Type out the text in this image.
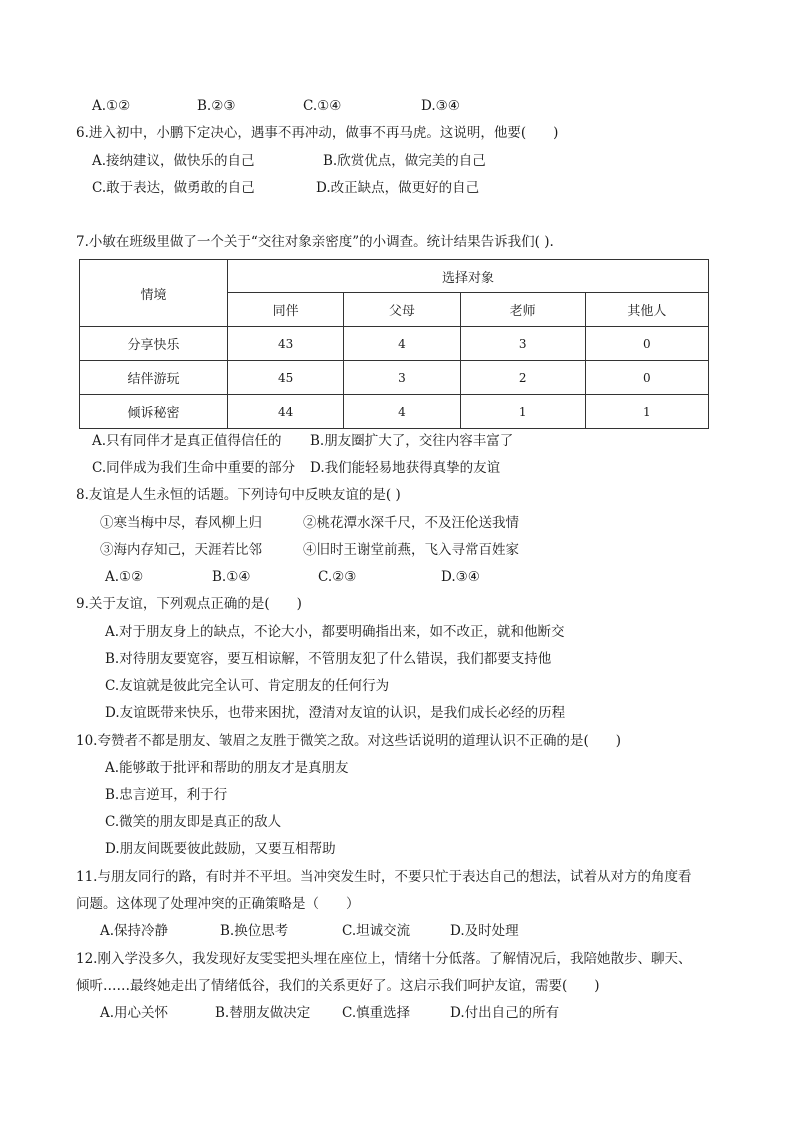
A.①②	B.②③	C.①④	D.③④
6.进入初中，小鹏下定决心，遇事不再冲动，做事不再马虎。这说明，他要(　　)
A.接纳建议，做快乐的自己	B.欣赏优点，做完美的自己
C.敢于表达，做勇敢的自己	D.改正缺点，做更好的自己
7.小敏在班级里做了一个关于“交往对象亲密度”的小调查。统计结果告诉我们( ).
情境	选择对象			
	同伴	父母	老师	其他人
分享快乐	43	4	3	0
结伴游玩	45	3	2	0
倾诉秘密	44	4	1	1
A.只有同伴才是真正值得信任的 B.朋友圈扩大了，交往内容丰富了
C.同伴成为我们生命中重要的部分 D.我们能轻易地获得真挚的友谊
8.友谊是人生永恒的话题。下列诗句中反映友谊的是( )
①寒当梅中尽，春风柳上归	②桃花潭水深千尺，不及汪伦送我情
③海内存知己，天涯若比邻	④旧时王谢堂前燕，飞入寻常百姓家
A.①②	B.①④	C.②③	D.③④
9.关于友谊，下列观点正确的是(　　)
A.对于朋友身上的缺点，不论大小，都要明确指出来，如不改正，就和他断交
B.对待朋友要宽容，要互相谅解，不管朋友犯了什么错误，我们都要支持他
C.友谊就是彼此完全认可、肯定朋友的任何行为
D.友谊既带来快乐，也带来困扰，澄清对友谊的认识，是我们成长必经的历程
10.夸赞者不都是朋友、皱眉之友胜于微笑之敌。对这些话说明的道理认识不正确的是(　　)
A.能够敢于批评和帮助的朋友才是真朋友
B.忠言逆耳，利于行
C.微笑的朋友即是真正的敌人
D.朋友间既要彼此鼓励，又要互相帮助
11.与朋友同行的路，有时并不平坦。当冲突发生时，不要只忙于表达自己的想法，试着从对方的角度看
问题。这体现了处理冲突的正确策略是（　　）
A.保持冷静	B.换位思考	C.坦诚交流	D.及时处理
12.刚入学没多久，我发现好友雯雯把头埋在座位上，情绪十分低落。了解情况后，我陪她散步、聊天、
倾听……最终她走出了情绪低谷，我们的关系更好了。这启示我们呵护友谊，需要(　　)
A.用心关怀	B.替朋友做决定 C.慎重选择	D.付出自己的所有
